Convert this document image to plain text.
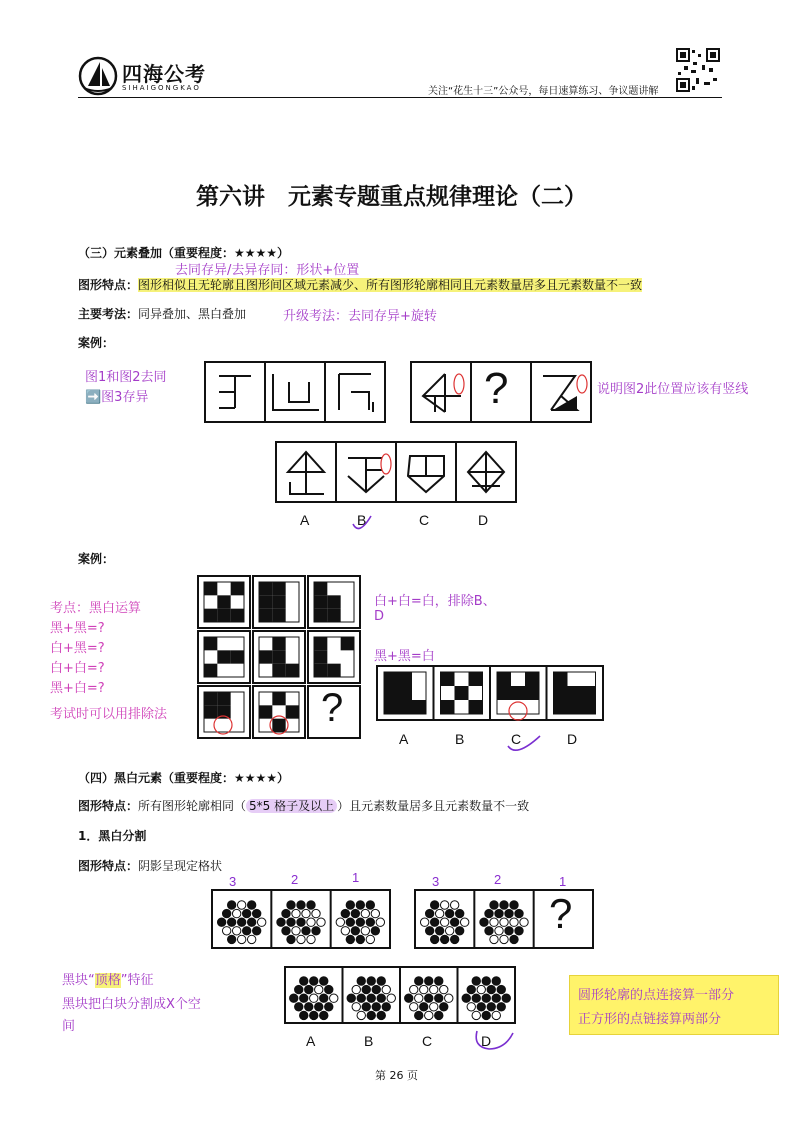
四海公考
SIHAIGONGKAO	关注“花生十三”公众号，每日速算练习、争议题讲解
第六讲　元素专题重点规律理论（二）
（三）元素叠加（重要程度：★★★★）
去同存异/去异存同：形状+位置
图形特点：图形相似且无轮廓且图形间区域元素减少、所有图形轮廓相同且元素数量居多且元素数量不一致
主要考法：同异叠加、黑白叠加	升级考法：去同存异+旋转
案例：
图1和图2去同
➡️图3存异
说明图2此位置应该有竖线
?
A	B	C	D
案例：
考点：黑白运算
黑+黑=?
白+黑=?
白+白=?
黑+白=?
考试时可以用排除法
白+白=白，排除B、
D
黑+黑=白
?
A	B	C	D
（四）黑白元素（重要程度：★★★★）
图形特点：所有图形轮廓相同（ 5*5 格子及以上 ）且元素数量居多且元素数量不一致
1．黑白分割
图形特点：阴影呈现定格状
3	2	1	3	2	1
?
A	B	C	D
黑块“顶格”特征
黑块把白块分割成X个空
间
圆形轮廓的点连接算一部分
正方形的点链接算两部分
第 26 页
